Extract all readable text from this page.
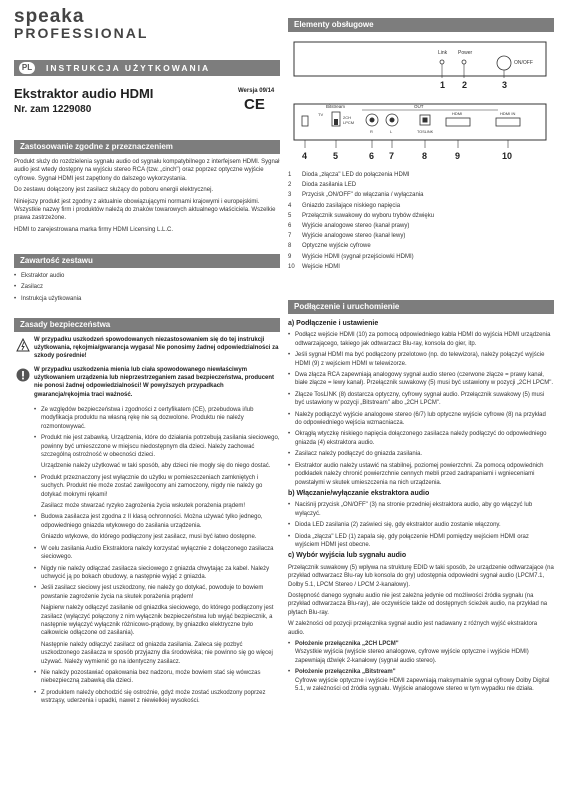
speaka
PROFESSIONAL
PL	INSTRUKCJA UŻYTKOWANIA
Ekstraktor audio HDMI
Nr. zam 1229080
Wersja 09/14
CE
Zastosowanie zgodne z przeznaczeniem

Produkt służy do rozdzielenia sygnału audio od sygnału kompatybilnego z interfejsem HDMI. Sygnał audio jest wtedy dostępny na wyjściu stereo RCA (tzw. „cinch") oraz poprzez optyczne wyjście cyfrowe. Sygnał HDMI jest zapętlony do dalszego wykorzystania.

Do zestawu dołączony jest zasilacz służący do poboru energii elektrycznej.

Niniejszy produkt jest zgodny z aktualnie obowiązującymi normami krajowymi i europejskimi. Wszystkie nazwy firm i produktów należą do znaków towarowych aktualnego właściciela. Wszelkie prawa zastrzeżone.

HDMI to zarejestrowana marka firmy HDMI Licensing L.L.C.

Zawartość zestawu
• Ekstraktor audio
• Zasilacz
• Instrukcja użytkowania
Zasady bezpieczeństwa
W przypadku uszkodzeń spowodowanych niezastosowaniem się do tej instrukcji użytkowania, rękojmia/gwarancja wygasa! Nie ponosimy żadnej odpowiedzialności za szkody pośrednie!
W przypadku uszkodzenia mienia lub ciała spowodowanego niewłaściwym użytkowaniem urządzenia lub nieprzestrzeganiem zasad bezpieczeństwa, producent nie ponosi żadnej odpowiedzialności! W powyższych przypadkach gwarancja/rękojmia traci ważność.
• Ze względów bezpieczeństwa i zgodności z certyfikatem (CE), przebudowa i/lub modyfikacja produktu na własną rękę nie są dozwolone. Produktu nie należy rozmontowywać.
• Produkt nie jest zabawką. Urządzenia, które do działania potrzebują zasilania sieciowego, powinny być umieszczone w miejscu niedostępnym dla dzieci. Należy zachować szczególną ostrożność w obecności dzieci.
Urządzenie należy użytkować w taki sposób, aby dzieci nie mogły się do niego dostać.
• Produkt przeznaczony jest wyłącznie do użytku w pomieszczeniach zamkniętych i suchych. Produkt nie może zostać zawilgocony ani zamoczony, nigdy nie należy go dotykać mokrymi rękami!
Zasilacz może stwarzać ryzyko zagrożenia życia wskutek porażenia prądem!
• Budowa zasilacza jest zgodna z II klasą ochronności. Można używać tylko jednego, odpowiedniego gniazda wtykowego do zasilania urządzenia.
Gniazdo wtykowe, do którego podłączony jest zasilacz, musi być łatwo dostępne.
• W celu zasilania Audio Ekstraktora należy korzystać wyłącznie z dołączonego zasilacza sieciowego.
• Nigdy nie należy odłączać zasilacza sieciowego z gniazda chwytając za kabel. Należy uchwycić ją po bokach obudowy, a następnie wyjąć z gniazda.
• Jeśli zasilacz sieciowy jest uszkodzony, nie należy go dotykać, powoduje to bowiem powstanie zagrożenie życia na skutek porażenia prądem!
Najpierw należy odłączyć zasilanie od gniazdka sieciowego, do którego podłączony jest zasilacz (wyłączyć połączony z nim wyłącznik bezpieczeństwa lub wyjąć bezpiecznik, a następnie wyłączyć wyłącznik różnicowo-prądowy, by gniazdko elektryczne było całkowicie odłączone od zasilania).
Następnie należy odłączyć zasilacz od gniazda zasilania. Zaleca się pozbyć uszkodzonego zasilacza w sposób przyjazny dla środowiska; nie powinno się go więcej używać. Należy wymienić go na identyczny zasilacz.
• Nie należy pozostawiać opakowania bez nadzoru, może bowiem stać się wówczas niebezpieczną zabawką dla dzieci.
• Z produktem należy obchodzić się ostrożnie, gdyż może zostać uszkodzony poprzez wstrząsy, uderzenia i upadki, nawet z niewielkiej wysokości.
Elementy obsługowe
Link Power
ON/OFF
1 2	3
Bitstream
TV
2CH
LPCM
OUT
R	L	TOSLINK
HDMI	HDMI IN
4	5	6 7	8	9	10
1	Dioda „złącza" LED do połączenia HDMI
2	Dioda zasilania LED
3	Przycisk „ON/OFF" do włączania / wyłączania
4	Gniazdo zasilające niskiego napięcia
5	Przełącznik suwakowy do wyboru trybów dźwięku
6	Wyjście analogowe stereo (kanał prawy)
7	Wyjście analogowe stereo (kanał lewy)
8	Optyczne wyjście cyfrowe
9	Wyjście HDMI (sygnał przejściowki HDMI)
10	Wejście HDMI
Podłączenie i uruchomienie
a) Podłączenie i ustawienie
• Podłącz wejście HDMI (10) za pomocą odpowiedniego kabla HDMI do wyjścia HDMI urządzenia odtwarzającego, takiego jak odtwarzacz Blu-ray, konsola do gier, itp.
• Jeśli sygnał HDMI ma być podłączony przelotowo (np. do telewizora), należy połączyć wyjście HDMI (9) z wejściem HDMI w telewizorze.
• Dwa złącza RCA zapewniają analogowy sygnał audio stereo (czerwone złącze = prawy kanał, białe złącze = lewy kanał). Przełącznik suwakowy (5) musi być ustawiony w pozycji „2CH LPCM".
• Złącze TosLINK (8) dostarcza optyczny, cyfrowy sygnał audio. Przełącznik suwakowy (5) musi być ustawiony w pozycji „Bitstream" albo „2CH LPCM".
• Należy podłączyć wyjście analogowe stereo (6/7) lub optyczne wyjście cyfrowe (8) na przykład do odpowiedniego wejścia wzmacniacza.
• Okrągłą wtyczkę niskiego napięcia dołączonego zasilacza należy podłączyć do odpowiedniego gniazda (4) ekstraktora audio.
• Zasilacz należy podłączyć do gniazda zasilania.
• Ekstraktor audio należy ustawić na stabilnej, poziomej powierzchni. Za pomocą odpowiednich podkładek należy chronić powierzchnie cennych mebli przed zadrapaniami i wgnieceniami powstałymi w skutek umieszczenia na nich urządzenia.
b) Włączanie/wyłączanie ekstraktora audio
• Naciśnij przycisk „ON/OFF" (3) na stronie przedniej ekstraktora audio, aby go włączyć lub wyłączyć.
• Dioda LED zasilania (2) zaświeci się, gdy ekstraktor audio zostanie włączony.
• Dioda „złącza" LED (1) zapala się, gdy połączenie HDMI pomiędzy wejściem HDMI oraz wyjściem HDMI jest obecne.
c) Wybór wyjścia lub sygnału audio

Przełącznik suwakowy (5) wpływa na strukturę EDID w taki sposób, że urządzenie odtwarzające (na przykład odtwarzacz Blu-ray lub konsola do gry) udostępnia odpowiedni sygnał audio (LPCM7.1, Dolby 5.1, LPCM Stereo / LPCM 2-kanałowy).

Dostępność danego sygnału audio nie jest zależna jedynie od możliwości źródła sygnału (na przykład odtwarzacza Blu-ray), ale oczywiście także od dostępnych ścieżek audio, na przykład na płytach Blu-ray.

W zależności od pozycji przełącznika sygnał audio jest nadawany z różnych wyjść ekstraktora audio.

• Położenie przełącznika „2CH LPCM"
Wszystkie wyjścia (wyjście stereo analogowe, cyfrowe wyjście optyczne i wyjście HDMI) zapewniają dźwięk 2-kanałowy (sygnał audio stereo).
• Położenie przełącznika „Bitstream"
Cyfrowe wyjście optyczne i wyjście HDMI zapewniają maksymalnie sygnał cyfrowy Dolby Digital 5.1, w zależności od źródła sygnału. Wyjście analogowe stereo w tym wypadku nie działa.
